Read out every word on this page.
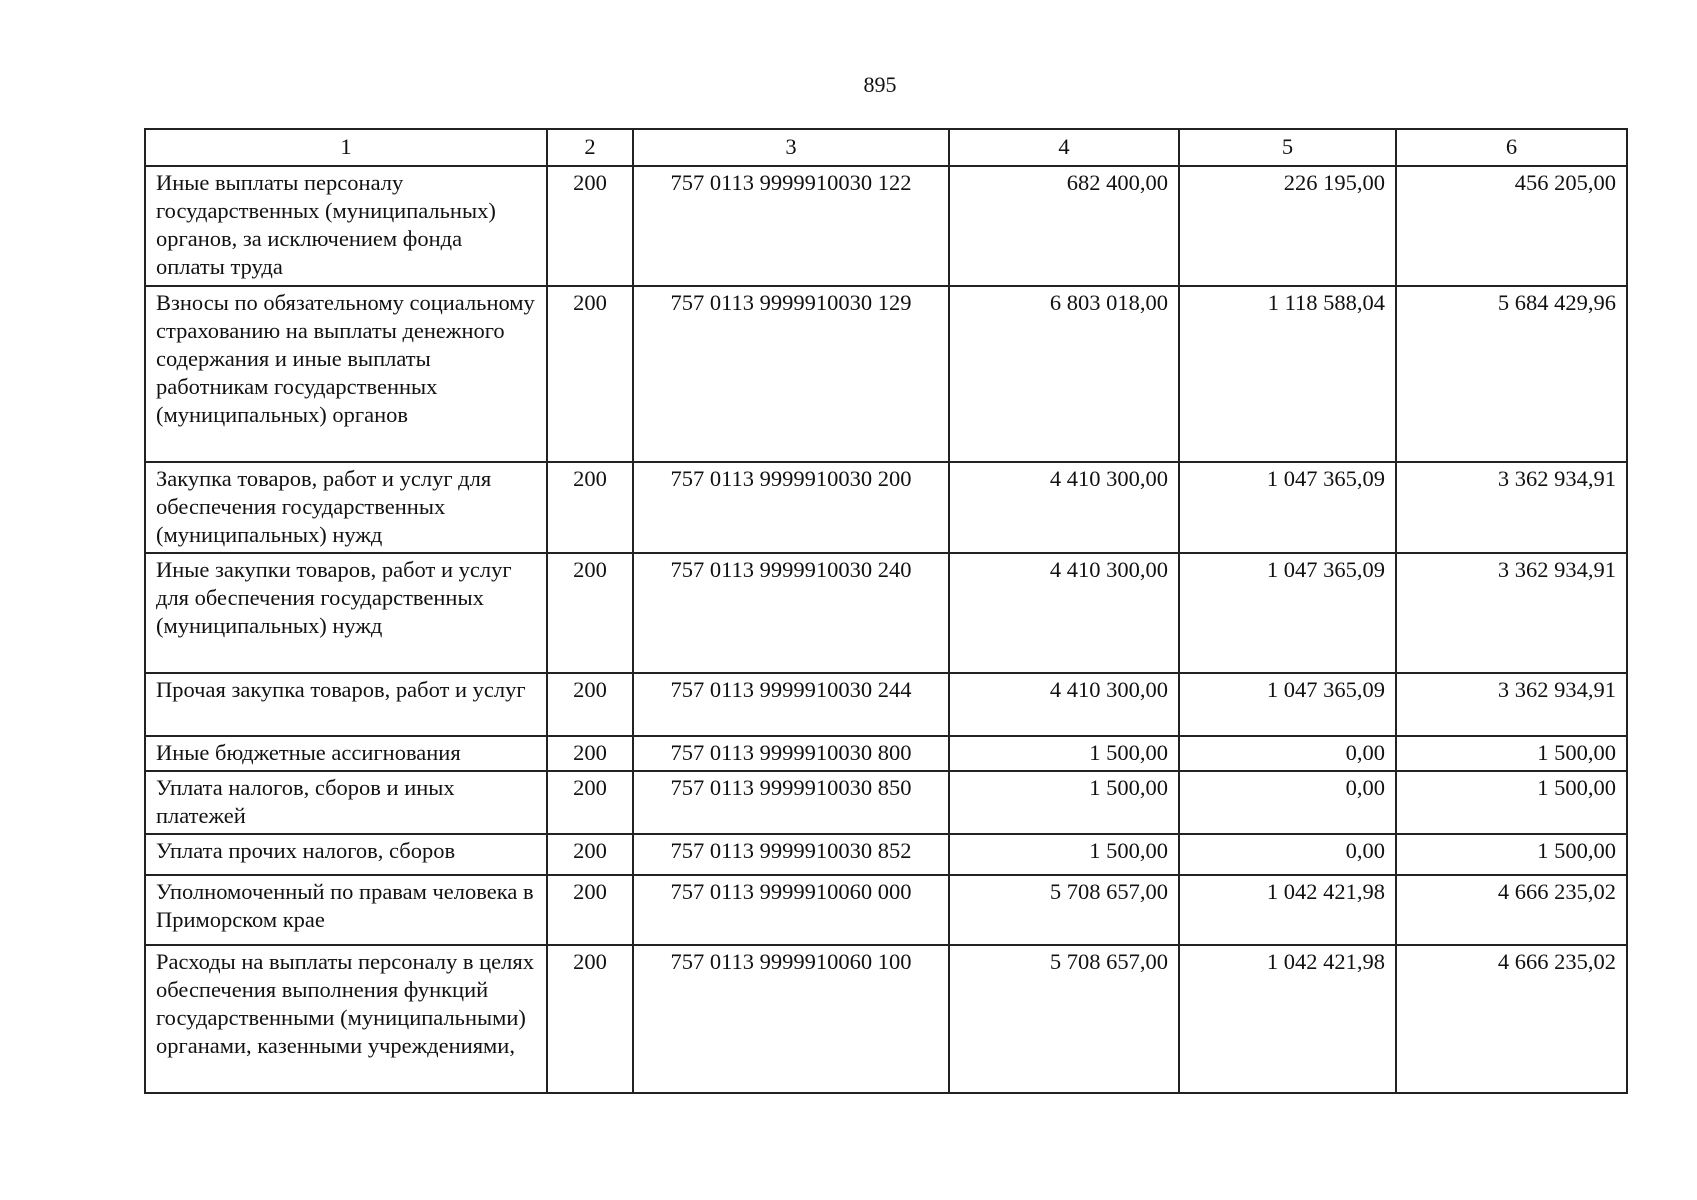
895
1	2	3	4	5	6
Иные выплаты персоналу государственных (муниципальных) органов, за исключением фонда оплаты труда	200	757 0113 9999910030 122	682 400,00	226 195,00	456 205,00
Взносы по обязательному социальному страхованию на выплаты денежного содержания и иные выплаты работникам государственных (муниципальных) органов	200	757 0113 9999910030 129	6 803 018,00	1 118 588,04	5 684 429,96
Закупка товаров, работ и услуг для обеспечения государственных (муниципальных) нужд	200	757 0113 9999910030 200	4 410 300,00	1 047 365,09	3 362 934,91
Иные закупки товаров, работ и услуг для обеспечения государственных (муниципальных) нужд	200	757 0113 9999910030 240	4 410 300,00	1 047 365,09	3 362 934,91
Прочая закупка товаров, работ и услуг	200	757 0113 9999910030 244	4 410 300,00	1 047 365,09	3 362 934,91
Иные бюджетные ассигнования	200	757 0113 9999910030 800	1 500,00	0,00	1 500,00
Уплата налогов, сборов и иных платежей	200	757 0113 9999910030 850	1 500,00	0,00	1 500,00
Уплата прочих налогов, сборов	200	757 0113 9999910030 852	1 500,00	0,00	1 500,00
Уполномоченный по правам человека в Приморском крае	200	757 0113 9999910060 000	5 708 657,00	1 042 421,98	4 666 235,02
Расходы на выплаты персоналу в целях обеспечения выполнения функций государственными (муниципальными) органами, казенными учреждениями,	200	757 0113 9999910060 100	5 708 657,00	1 042 421,98	4 666 235,02
